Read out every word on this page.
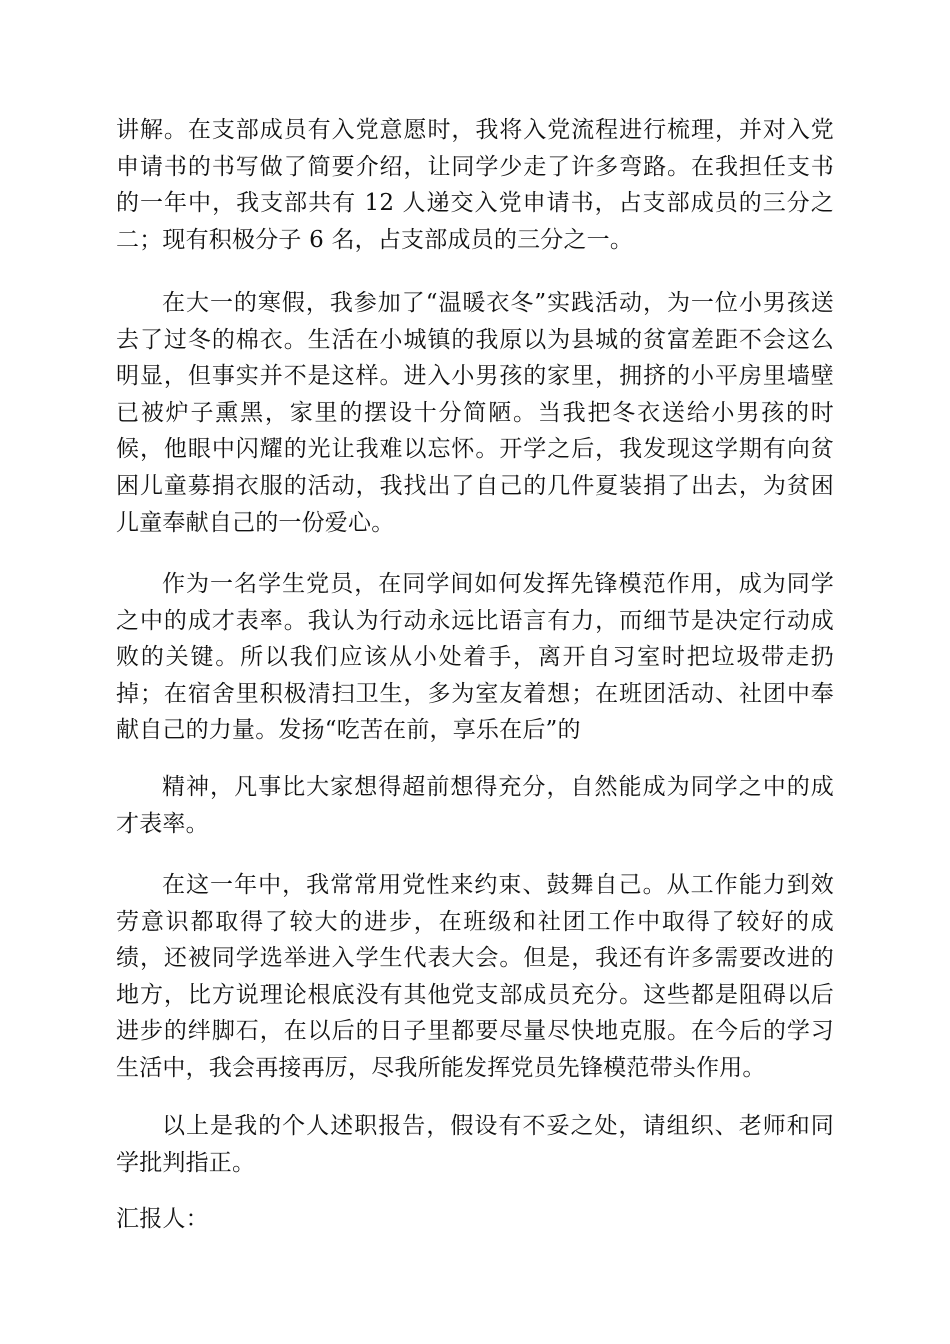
讲解。在支部成员有入党意愿时，我将入党流程进行梳理，并对入党申请书的书写做了简要介绍，让同学少走了许多弯路。在我担任支书的一年中，我支部共有 12 人递交入党申请书，占支部成员的三分之二；现有积极分子 6 名，占支部成员的三分之一。

在大一的寒假，我参加了“温暖衣冬”实践活动，为一位小男孩送去了过冬的棉衣。生活在小城镇的我原以为县城的贫富差距不会这么明显，但事实并不是这样。进入小男孩的家里，拥挤的小平房里墙壁已被炉子熏黑，家里的摆设十分简陋。当我把冬衣送给小男孩的时候，他眼中闪耀的光让我难以忘怀。开学之后，我发现这学期有向贫困儿童募捐衣服的活动，我找出了自己的几件夏装捐了出去，为贫困儿童奉献自己的一份爱心。

作为一名学生党员，在同学间如何发挥先锋模范作用，成为同学之中的成才表率。我认为行动永远比语言有力，而细节是决定行动成败的关键。所以我们应该从小处着手，离开自习室时把垃圾带走扔掉；在宿舍里积极清扫卫生，多为室友着想；在班团活动、社团中奉献自己的力量。发扬“吃苦在前，享乐在后”的

精神，凡事比大家想得超前想得充分，自然能成为同学之中的成才表率。

在这一年中，我常常用党性来约束、鼓舞自己。从工作能力到效劳意识都取得了较大的进步，在班级和社团工作中取得了较好的成绩，还被同学选举进入学生代表大会。但是，我还有许多需要改进的地方，比方说理论根底没有其他党支部成员充分。这些都是阻碍以后进步的绊脚石，在以后的日子里都要尽量尽快地克服。在今后的学习生活中，我会再接再厉，尽我所能发挥党员先锋模范带头作用。

以上是我的个人述职报告，假设有不妥之处，请组织、老师和同学批判指正。

汇报人：
